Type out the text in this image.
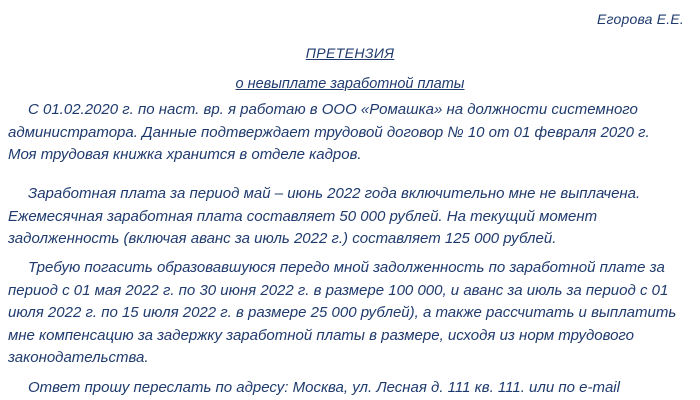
Егорова Е.Е.
ПРЕТЕНЗИЯ
о невыплате заработной платы
С 01.02.2020 г. по наст. вр. я работаю в ООО «Ромашка» на должности системного
администратора. Данные подтверждает трудовой договор № 10 от 01 февраля 2020 г.
Моя трудовая книжка хранится в отделе кадров.
Заработная плата за период май – июнь 2022 года включительно мне не выплачена.
Ежемесячная заработная плата составляет 50 000 рублей. На текущий момент
задолженность (включая аванс за июль 2022 г.) составляет 125 000 рублей.
Требую погасить образовавшуюся передо мной задолженность по заработной плате за
период с 01 мая 2022 г. по 30 июня 2022 г. в размере 100 000, и аванс за июль за период с 01
июля 2022 г. по 15 июля 2022 г. в размере 25 000 рублей), а также рассчитать и выплатить
мне компенсацию за задержку заработной платы в размере, исходя из норм трудового
законодательства.
Ответ прошу переслать по адресу: Москва, ул. Лесная д. 111 кв. 111. или по e-mail
